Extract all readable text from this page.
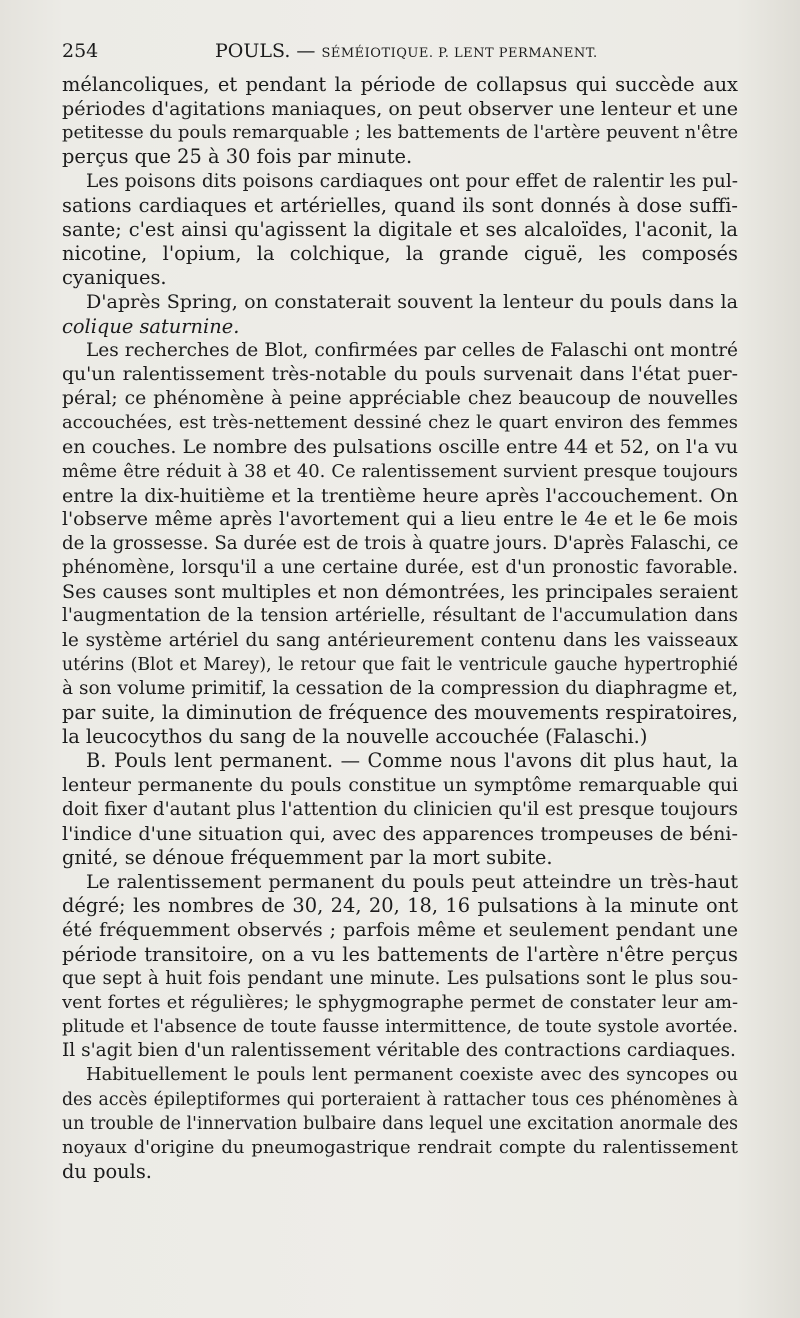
254	POULS. — SÉMÉIOTIQUE. P. LENT PERMANENT.
mélancoliques, et pendant la période de collapsus qui succède aux
périodes d'agitations maniaques, on peut observer une lenteur et une
petitesse du pouls remarquable ; les battements de l'artère peuvent n'être
perçus que 25 à 30 fois par minute.
Les poisons dits poisons cardiaques ont pour effet de ralentir les pul-
sations cardiaques et artérielles, quand ils sont donnés à dose suffi-
sante; c'est ainsi qu'agissent la digitale et ses alcaloïdes, l'aconit, la
nicotine, l'opium, la colchique, la grande ciguë, les composés
cyaniques.
D'après Spring, on constaterait souvent la lenteur du pouls dans la
colique saturnine.
Les recherches de Blot, confirmées par celles de Falaschi ont montré
qu'un ralentissement très-notable du pouls survenait dans l'état puer-
péral; ce phénomène à peine appréciable chez beaucoup de nouvelles
accouchées, est très-nettement dessiné chez le quart environ des femmes
en couches. Le nombre des pulsations oscille entre 44 et 52, on l'a vu
même être réduit à 38 et 40. Ce ralentissement survient presque toujours
entre la dix-huitième et la trentième heure après l'accouchement. On
l'observe même après l'avortement qui a lieu entre le 4e et le 6e mois
de la grossesse. Sa durée est de trois à quatre jours. D'après Falaschi, ce
phénomène, lorsqu'il a une certaine durée, est d'un pronostic favorable.
Ses causes sont multiples et non démontrées, les principales seraient
l'augmentation de la tension artérielle, résultant de l'accumulation dans
le système artériel du sang antérieurement contenu dans les vaisseaux
utérins (Blot et Marey), le retour que fait le ventricule gauche hypertrophié
à son volume primitif, la cessation de la compression du diaphragme et,
par suite, la diminution de fréquence des mouvements respiratoires,
la leucocythos du sang de la nouvelle accouchée (Falaschi.)
B. Pouls lent permanent. — Comme nous l'avons dit plus haut, la
lenteur permanente du pouls constitue un symptôme remarquable qui
doit fixer d'autant plus l'attention du clinicien qu'il est presque toujours
l'indice d'une situation qui, avec des apparences trompeuses de béni-
gnité, se dénoue fréquemment par la mort subite.
Le ralentissement permanent du pouls peut atteindre un très-haut
dégré; les nombres de 30, 24, 20, 18, 16 pulsations à la minute ont
été fréquemment observés ; parfois même et seulement pendant une
période transitoire, on a vu les battements de l'artère n'être perçus
que sept à huit fois pendant une minute. Les pulsations sont le plus sou-
vent fortes et régulières; le sphygmographe permet de constater leur am-
plitude et l'absence de toute fausse intermittence, de toute systole avortée.
Il s'agit bien d'un ralentissement véritable des contractions cardiaques.
Habituellement le pouls lent permanent coexiste avec des syncopes ou
des accès épileptiformes qui porteraient à rattacher tous ces phénomènes à
un trouble de l'innervation bulbaire dans lequel une excitation anormale des
noyaux d'origine du pneumogastrique rendrait compte du ralentissement
du pouls.
